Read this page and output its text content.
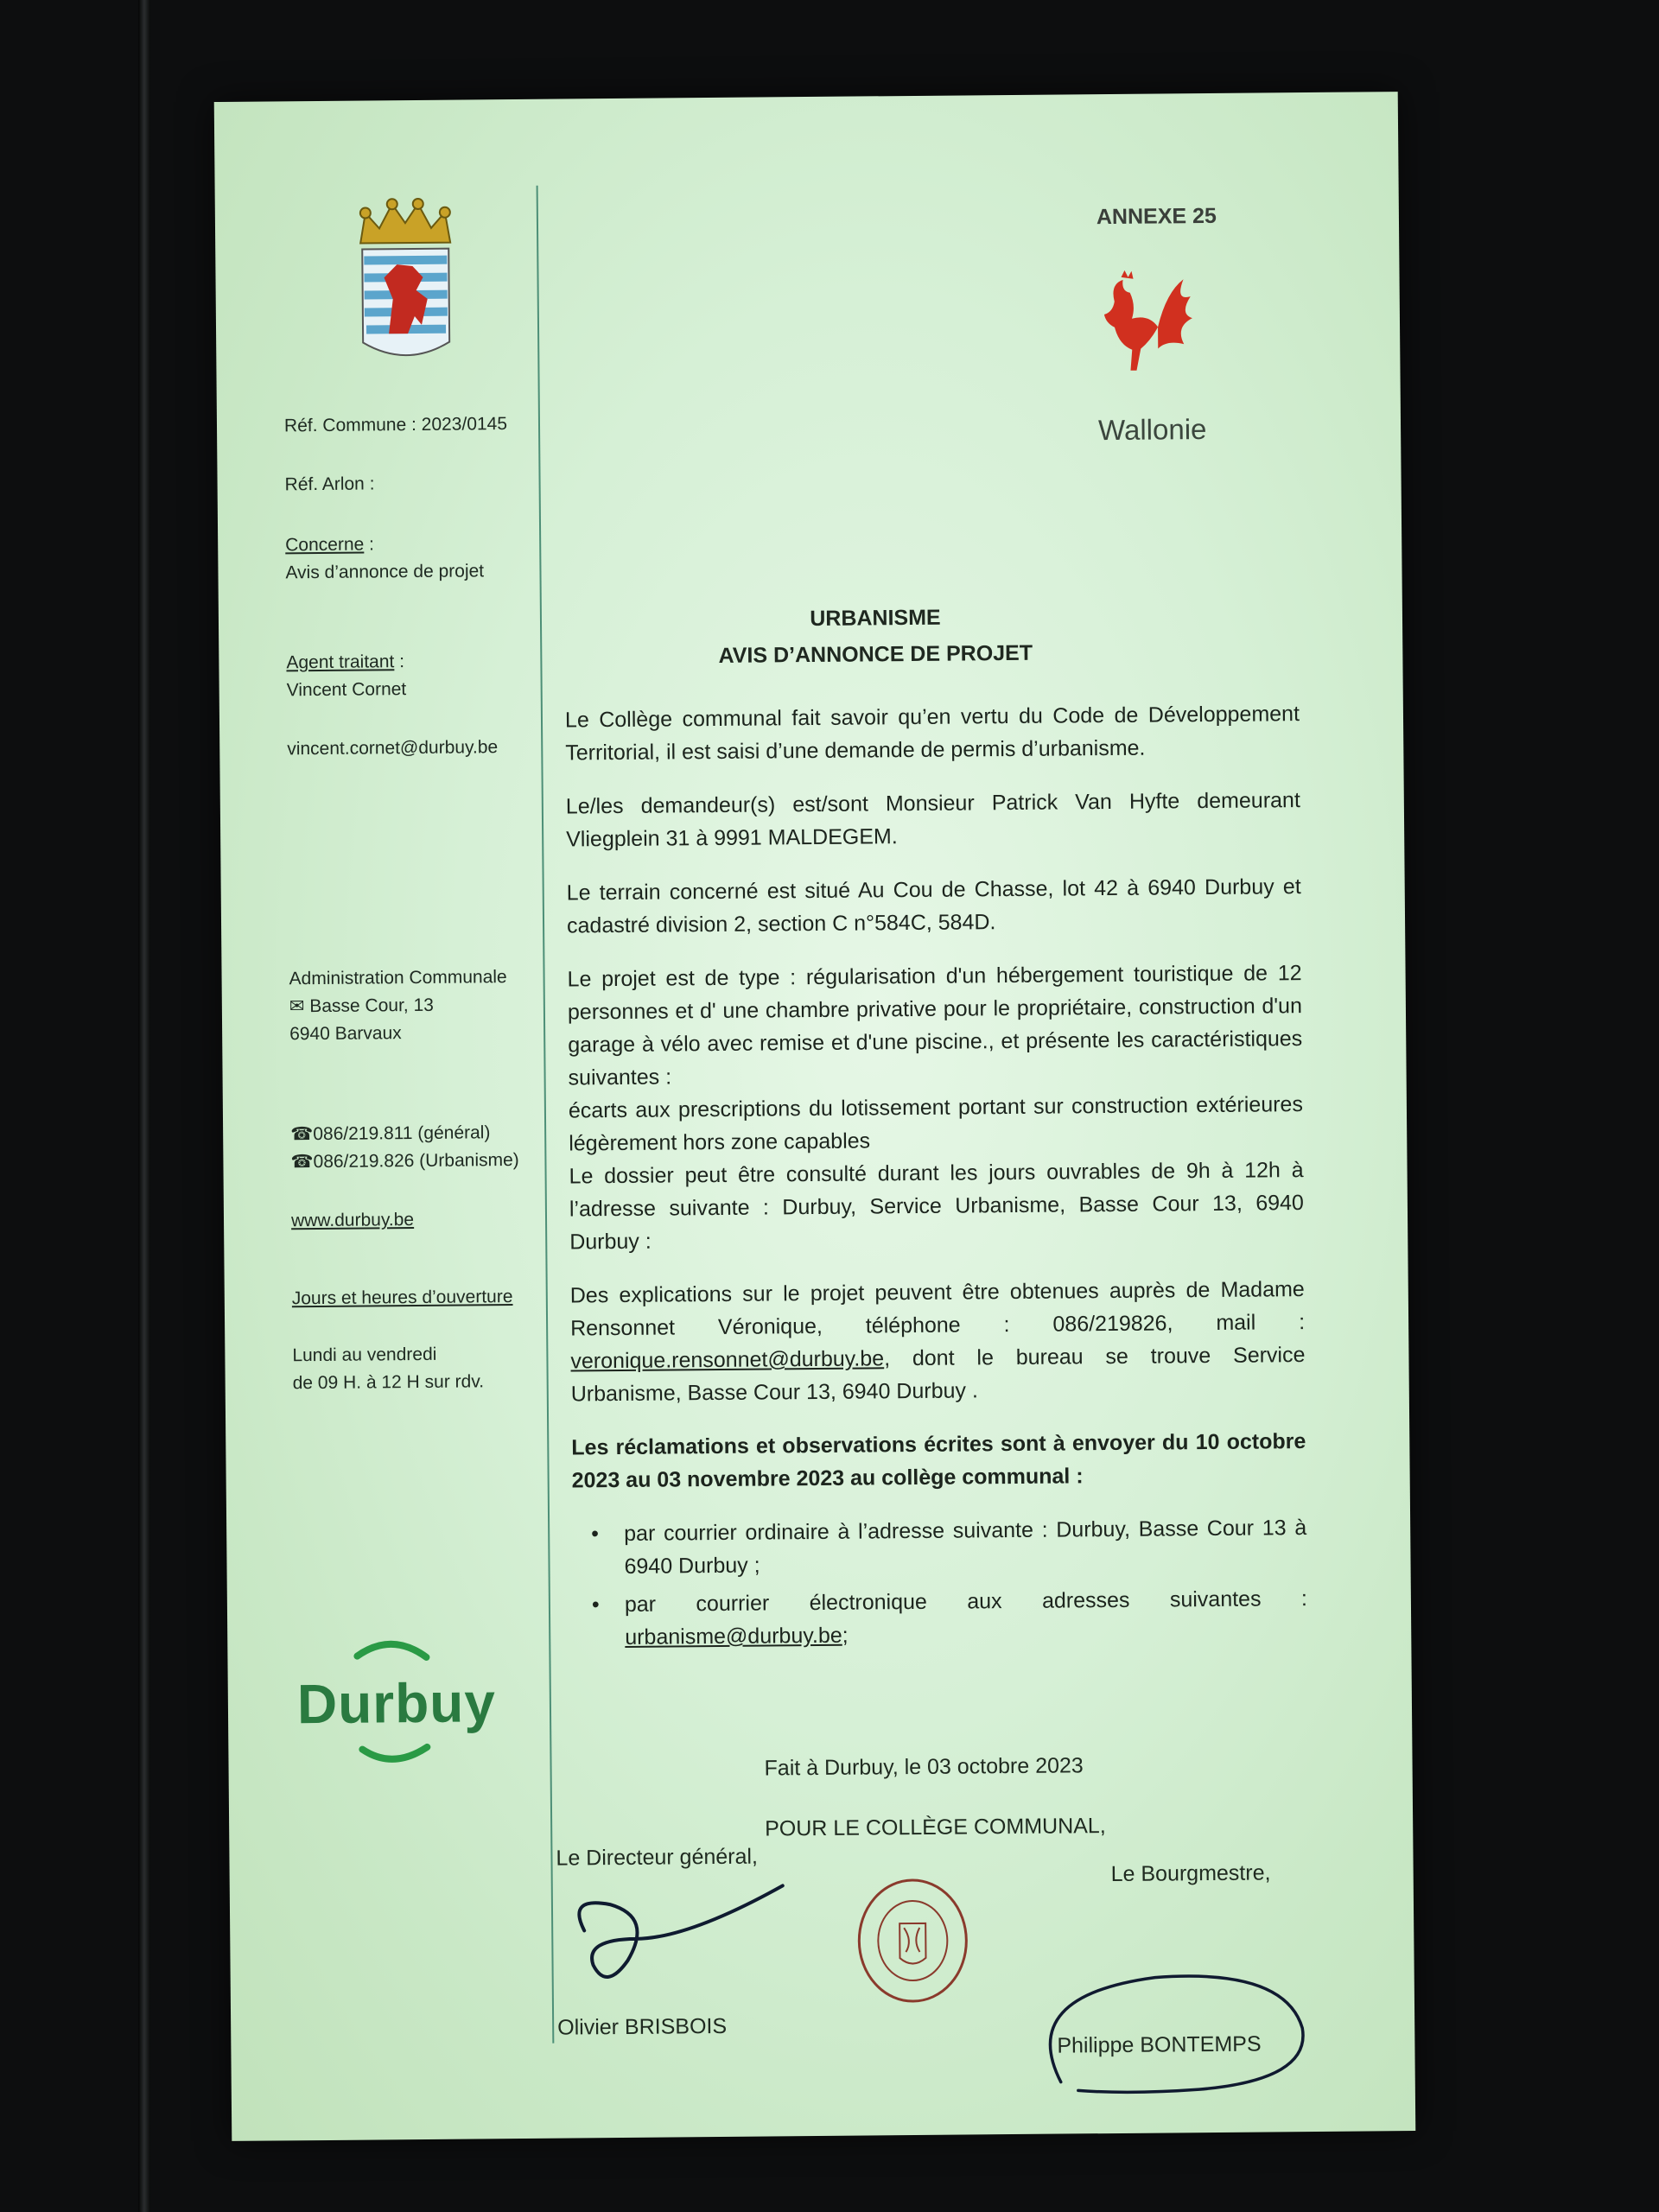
Réf. Commune : 2023/0145
Réf. Arlon :
Concerne :
Avis d’annonce de projet
Agent traitant :
Vincent Cornet
vincent.cornet@durbuy.be
Administration Communale
✉ Basse Cour, 13
6940 Barvaux
☎086/219.811 (général)
☎086/219.826 (Urbanisme)
www.durbuy.be
Jours et heures d’ouverture
Lundi au vendredi
de 09 H. à 12 H sur rdv.
Durbuy
ANNEXE 25
Wallonie
URBANISME
AVIS D’ANNONCE DE PROJET

Le Collège communal fait savoir qu’en vertu du Code de Développement Territorial, il est saisi d’une demande de permis d’urbanisme.

Le/les demandeur(s) est/sont Monsieur Patrick Van Hyfte demeurant Vliegplein 31 à 9991 MALDEGEM.

Le terrain concerné est situé Au Cou de Chasse, lot 42 à 6940 Durbuy et cadastré division 2, section C n°584C, 584D.

Le projet est de type : régularisation d'un hébergement touristique de 12 personnes et d' une chambre privative pour le propriétaire, construction d'un garage à vélo avec remise et d'une piscine., et présente les caractéristiques suivantes :

écarts aux prescriptions du lotissement portant sur construction extérieures légèrement hors zone capables

Le dossier peut être consulté durant les jours ouvrables de 9h à 12h à l’adresse suivante : Durbuy, Service Urbanisme, Basse Cour 13, 6940 Durbuy :

Des explications sur le projet peuvent être obtenues auprès de Madame Rensonnet Véronique, téléphone : 086/219826, mail : veronique.rensonnet@durbuy.be, dont le bureau se trouve Service Urbanisme, Basse Cour 13, 6940 Durbuy .

Les réclamations et observations écrites sont à envoyer du 10 octobre 2023 au 03 novembre 2023 au collège communal :

• par courrier ordinaire à l’adresse suivante : Durbuy, Basse Cour 13 à 6940 Durbuy ;
• par courrier électronique aux adresses suivantes : urbanisme@durbuy.be;
Fait à Durbuy, le 03 octobre 2023
POUR LE COLLÈGE COMMUNAL,
Le Directeur général,
Le Bourgmestre,
Olivier BRISBOIS
Philippe BONTEMPS
